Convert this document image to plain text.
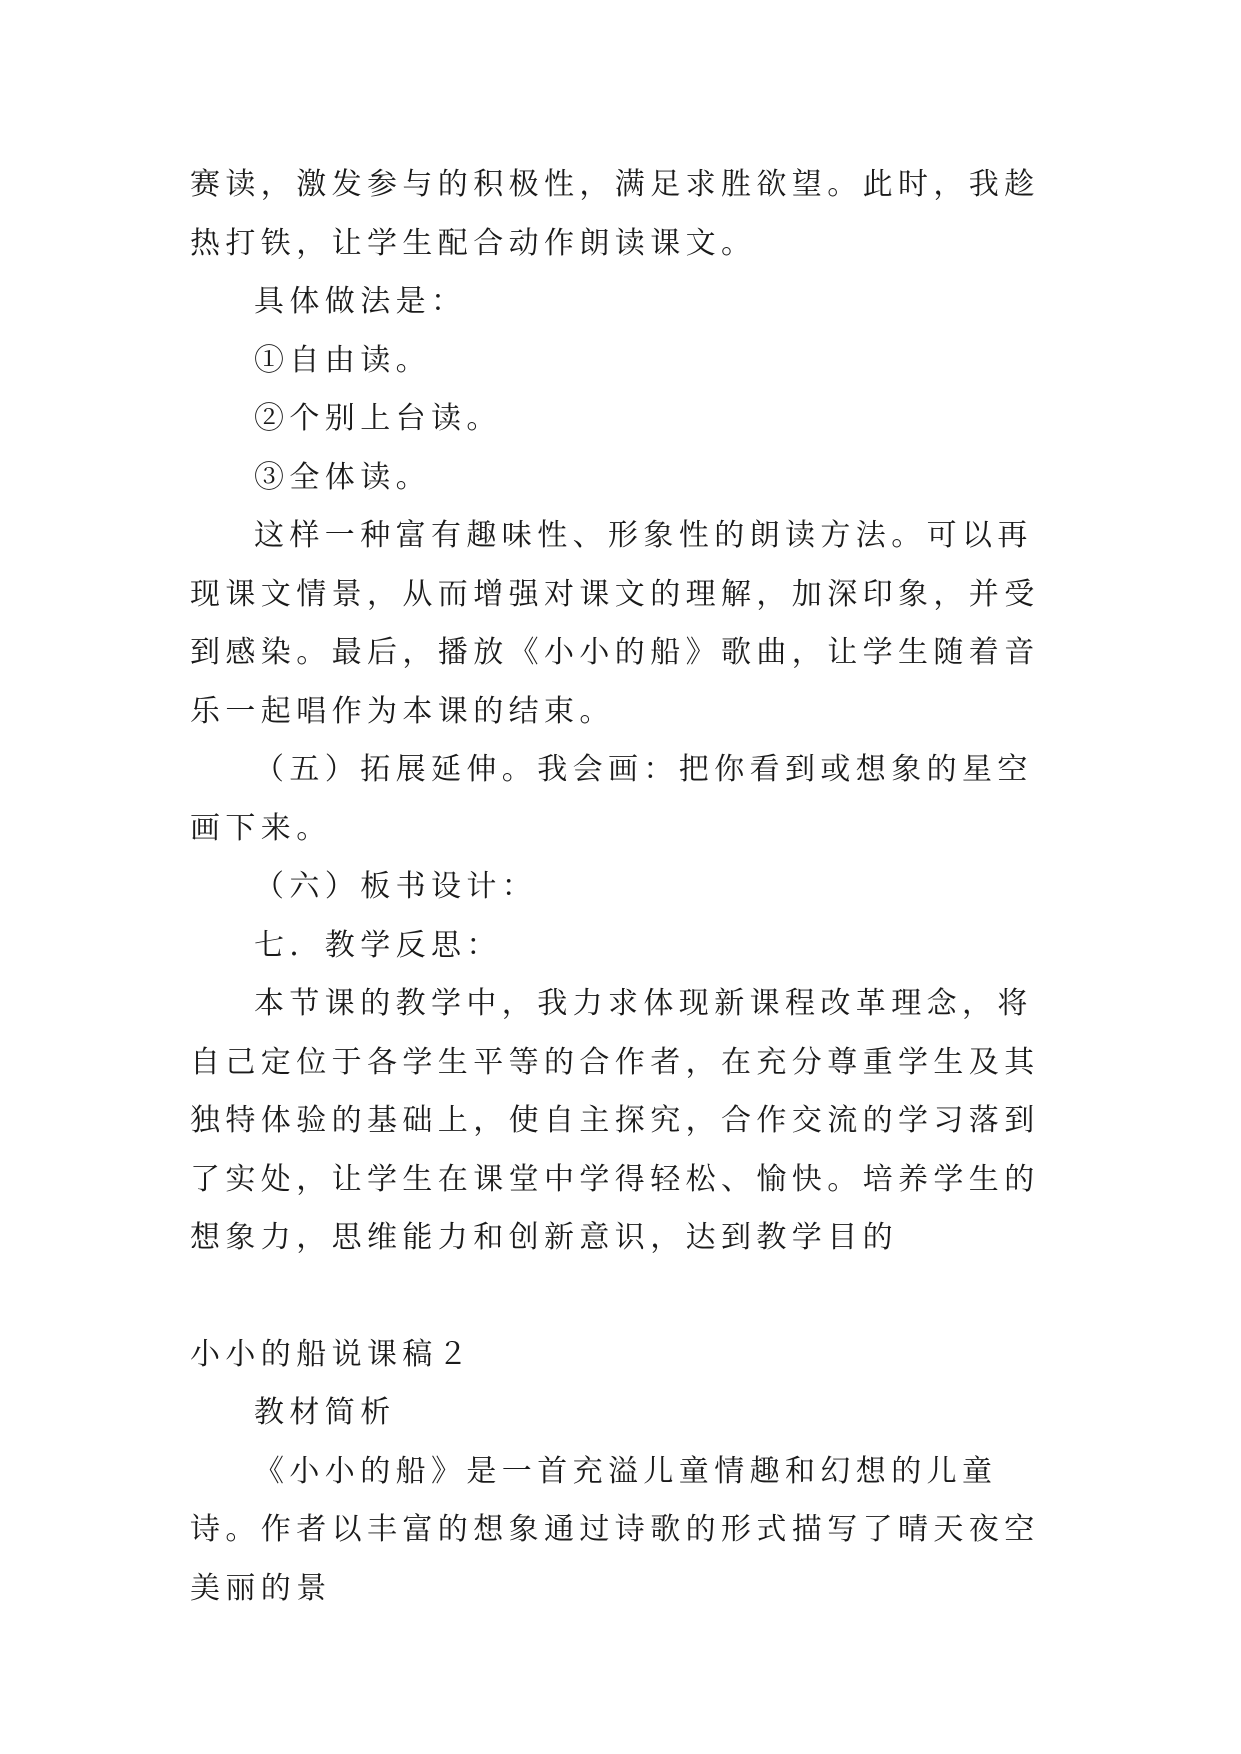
赛读，激发参与的积极性，满足求胜欲望。此时，我趁热打铁，让学生配合动作朗读课文。

具体做法是：

①自由读。

②个别上台读。

③全体读。

这样一种富有趣味性、形象性的朗读方法。可以再现课文情景，从而增强对课文的理解，加深印象，并受到感染。最后，播放《小小的船》歌曲，让学生随着音乐一起唱作为本课的结束。

（五）拓展延伸。我会画：把你看到或想象的星空画下来。

（六）板书设计：

七．教学反思：

本节课的教学中，我力求体现新课程改革理念，将自己定位于各学生平等的合作者，在充分尊重学生及其独特体验的基础上，使自主探究，合作交流的学习落到了实处，让学生在课堂中学得轻松、愉快。培养学生的想象力，思维能力和创新意识，达到教学目的

小小的船说课稿２

教材简析

《小小的船》是一首充溢儿童情趣和幻想的儿童诗。作者以丰富的想象通过诗歌的形式描写了晴天夜空美丽的景
